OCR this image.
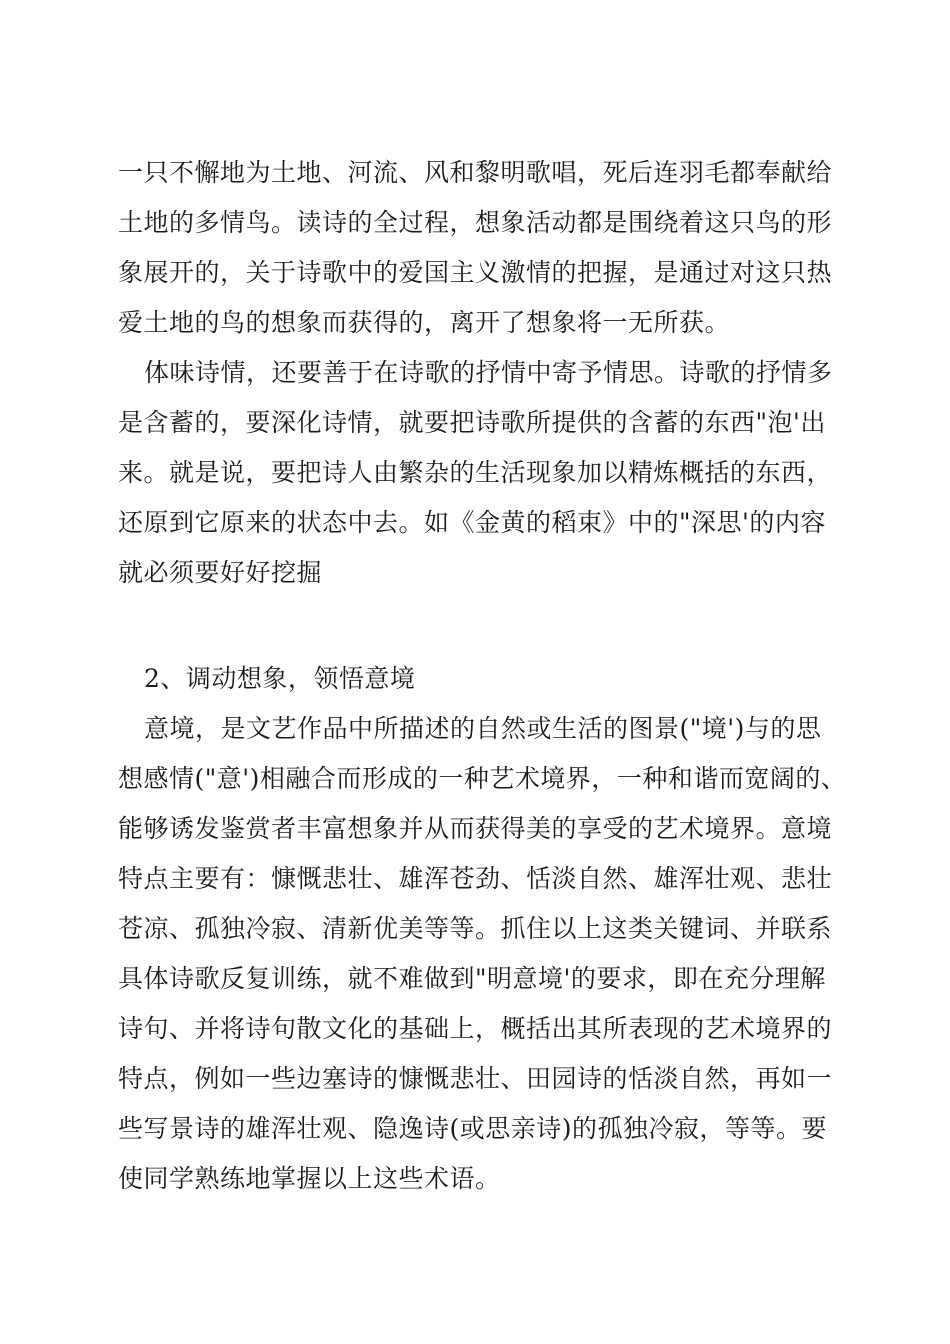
一只不懈地为土地、河流、风和黎明歌唱，死后连羽毛都奉献给
土地的多情鸟。读诗的全过程，想象活动都是围绕着这只鸟的形
象展开的，关于诗歌中的爱国主义激情的把握，是通过对这只热
爱土地的鸟的想象而获得的，离开了想象将一无所获。
体味诗情，还要善于在诗歌的抒情中寄予情思。诗歌的抒情多
是含蓄的，要深化诗情，就要把诗歌所提供的含蓄的东西"泡'出
来。就是说，要把诗人由繁杂的生活现象加以精炼概括的东西，
还原到它原来的状态中去。如《金黄的稻束》中的"深思'的内容
就必须要好好挖掘
2、调动想象，领悟意境
意境，是文艺作品中所描述的自然或生活的图景("境')与的思
想感情("意')相融合而形成的一种艺术境界，一种和谐而宽阔的、
能够诱发鉴赏者丰富想象并从而获得美的享受的艺术境界。意境
特点主要有：慷慨悲壮、雄浑苍劲、恬淡自然、雄浑壮观、悲壮
苍凉、孤独冷寂、清新优美等等。抓住以上这类关键词、并联系
具体诗歌反复训练，就不难做到"明意境'的要求，即在充分理解
诗句、并将诗句散文化的基础上，概括出其所表现的艺术境界的
特点，例如一些边塞诗的慷慨悲壮、田园诗的恬淡自然，再如一
些写景诗的雄浑壮观、隐逸诗(或思亲诗)的孤独冷寂，等等。要
使同学熟练地掌握以上这些术语。
